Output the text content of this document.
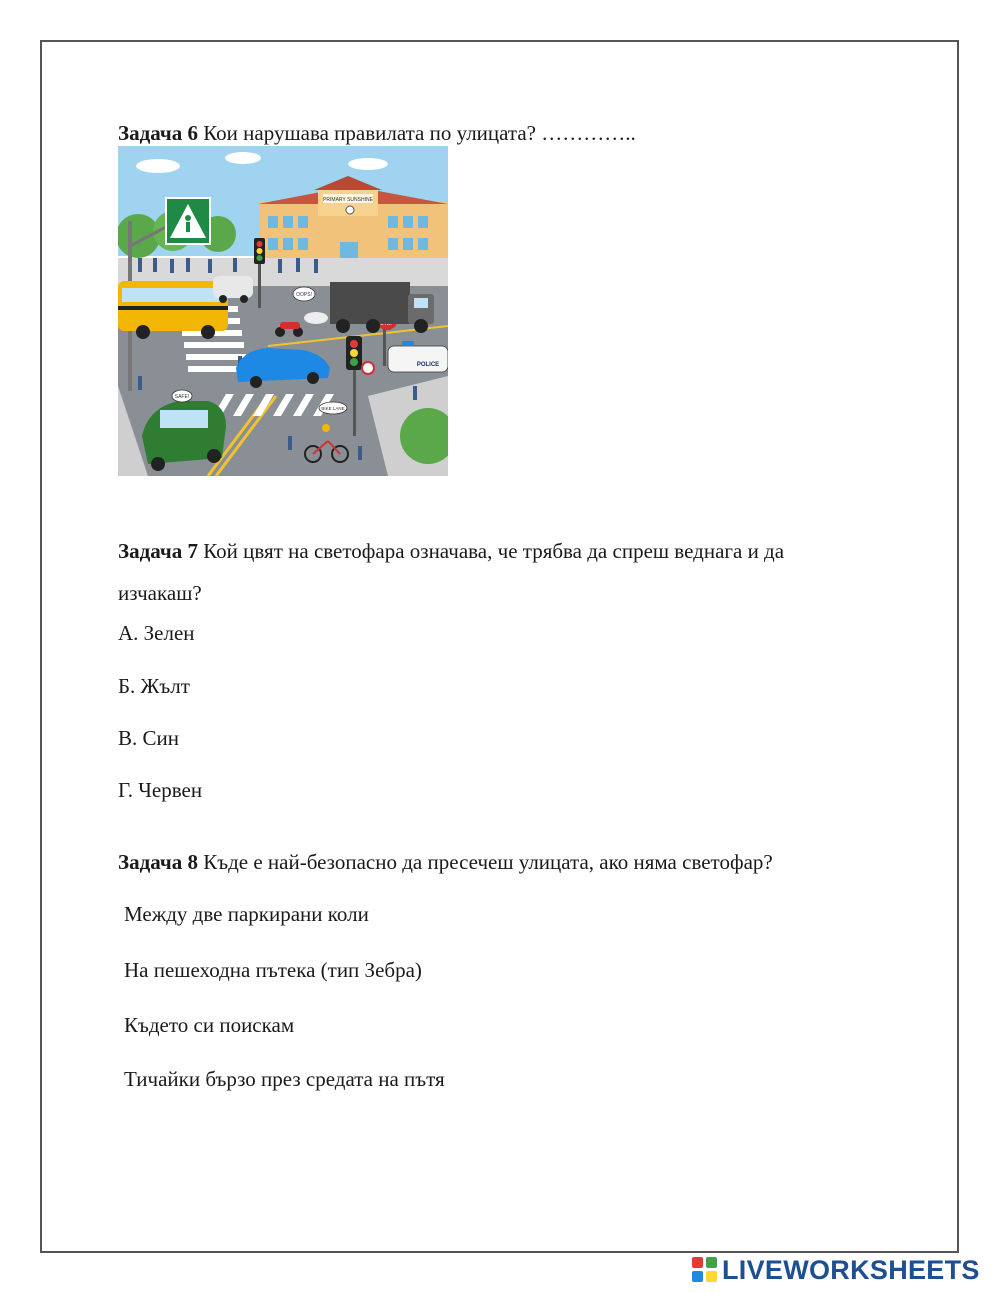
Задача 6 Кои нарушава правилата по улицата? …………..
PRIMARY SUNSHINE
OOPS!
POLICE
SAFE!
BIKE LANE
Задача 7 Кой цвят на светофара означава, че трябва да спреш веднага и да
изчакаш?
А. Зелен
Б. Жълт
В. Син
Г. Червен
Задача 8 Къде е най-безопасно да пресечеш улицата, ако няма светофар?
Между две паркирани коли
На пешеходна пътека (тип Зебра)
Където си поискам
Тичайки бързо през средата на пътя
LIVEWORKSHEETS
